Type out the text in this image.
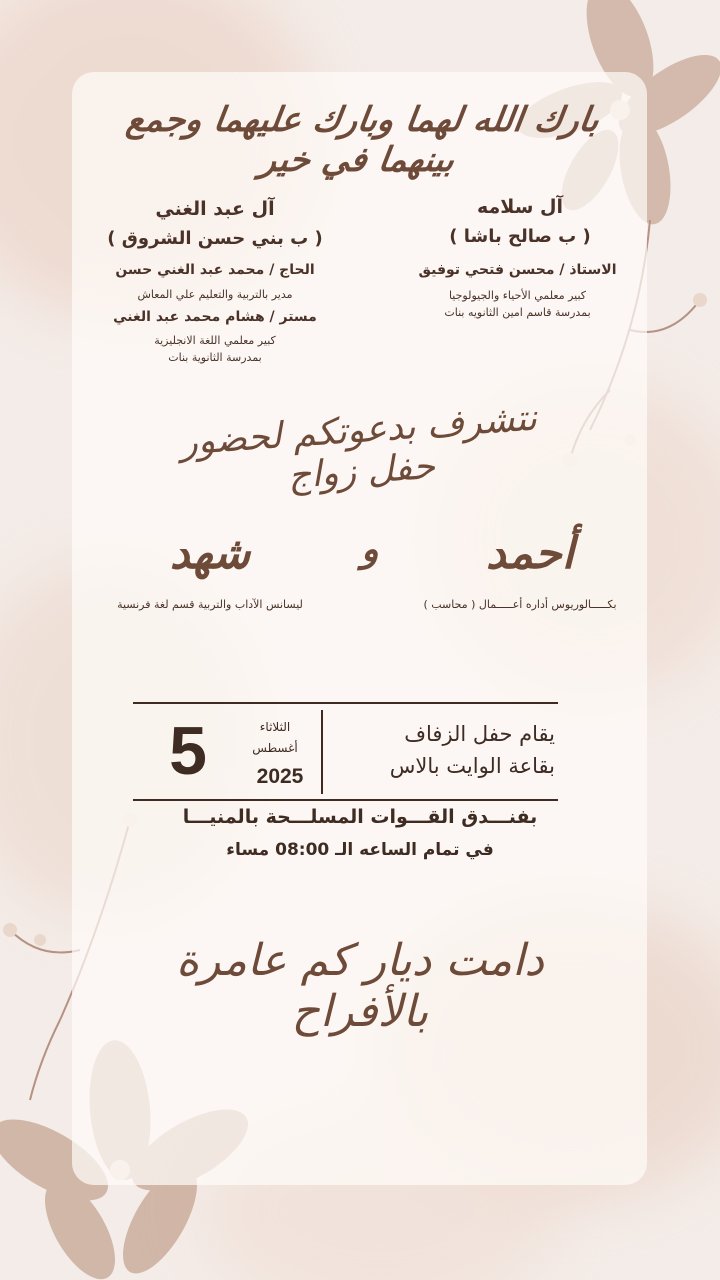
بارك الله لهما وبارك عليهما وجمع بينهما في خير
آل سلامه
( ب صالح باشا )
الاستاذ / محسن فتحي توفيق
كبير معلمي الأحياء والجيولوجيا
بمدرسة قاسم امين الثانويه بنات
آل عبد الغني
( ب بني حسن الشروق )
الحاج / محمد عبد الغني حسن
مدير بالتربية والتعليم علي المعاش
مستر / هشام محمد عبد الغني
كبير معلمي اللغة الانجليزية
بمدرسة الثانوية بنات
نتشرف بدعوتكم لحضور حفل زواج
أحمد
بكـــــالوريوس أداره أعـــــمال ( محاسب )
و
شهد
ليسانس الآداب والتربية قسم لغة فرنسية
5	الثلاثاء
أغسطس
2025
يقام حفل الزفاف
بقاعة الوايت بالاس
بفنـــدق القـــوات المسلـــحة بالمنيـــا
في تمام الساعه الـ 08:00 مساء
دامت ديار كم عامرة بالأفراح
